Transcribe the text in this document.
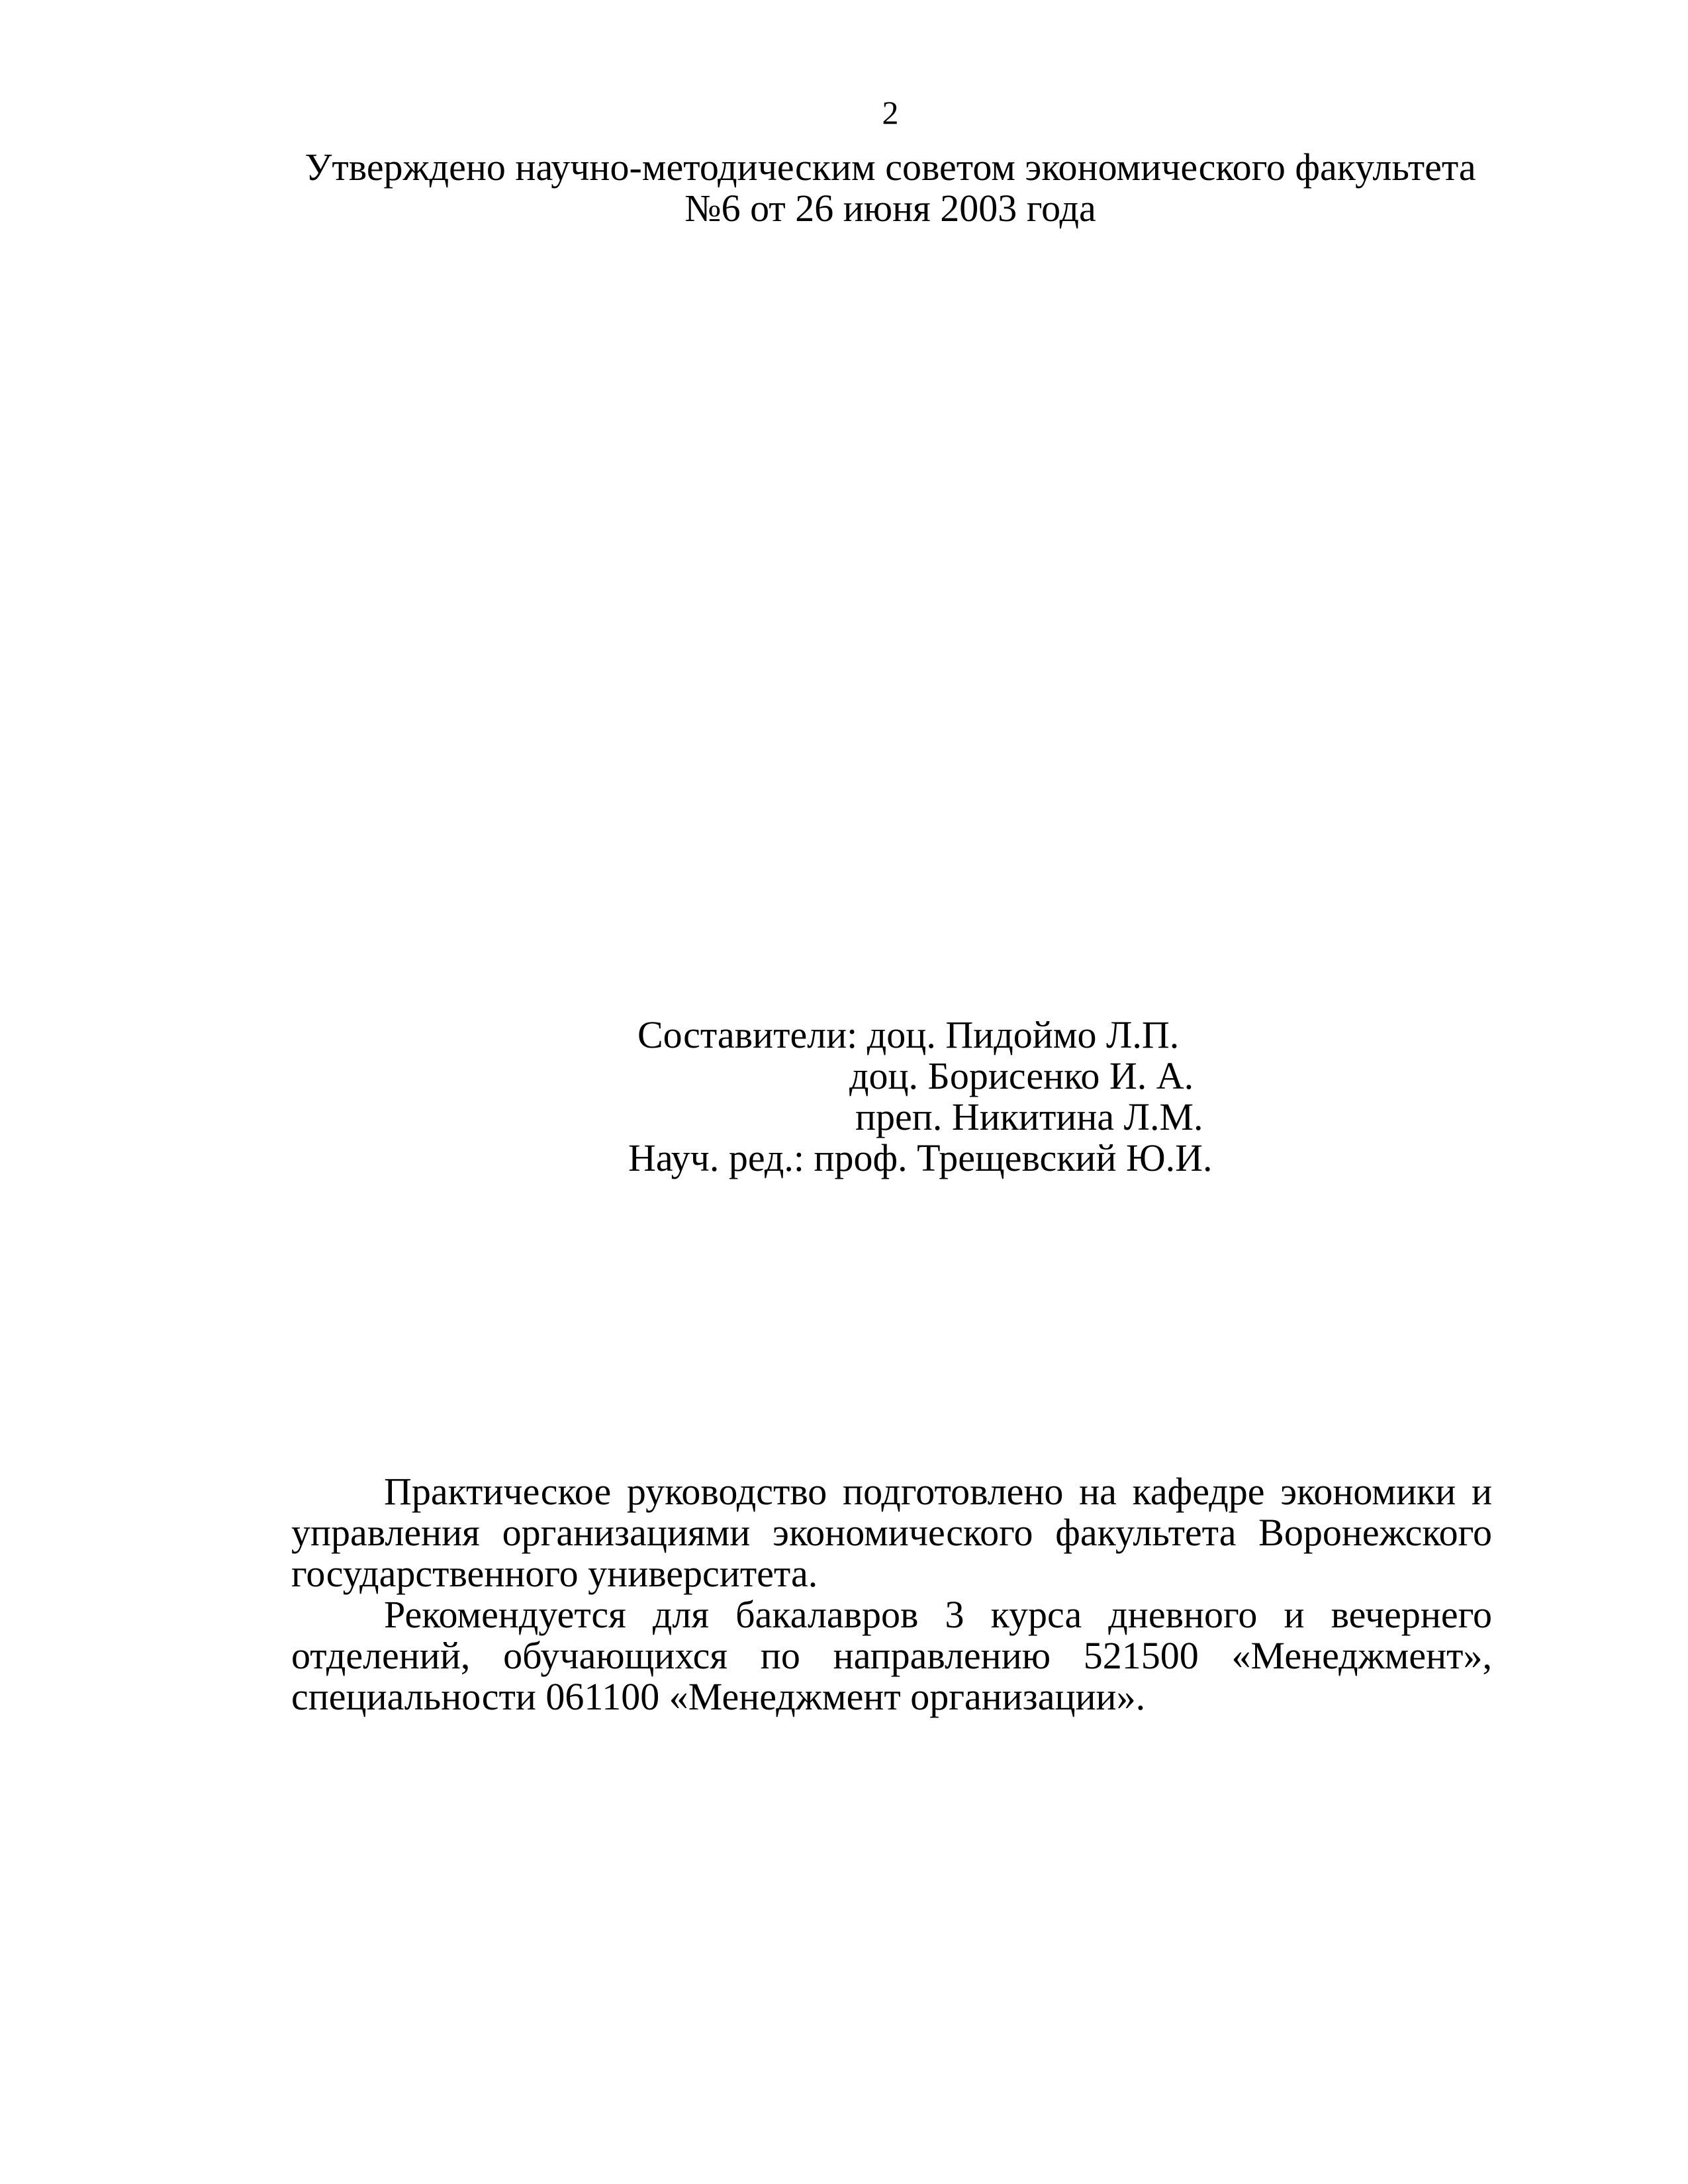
2
Утверждено научно-методическим советом экономического факультета
№6 от 26 июня 2003 года
Составители: доц. Пидоймо Л.П.
доц. Борисенко И. А.
преп. Никитина Л.М.
Науч. ред.: проф. Трещевский Ю.И.

Практическое руководство подготовлено на кафедре экономики и управления организациями экономического факультета Воронежского государственного университета.

Рекомендуется для бакалавров 3 курса дневного и вечернего отделений, обучающихся по направлению 521500 «Менеджмент», специальности 061100 «Менеджмент организации».
